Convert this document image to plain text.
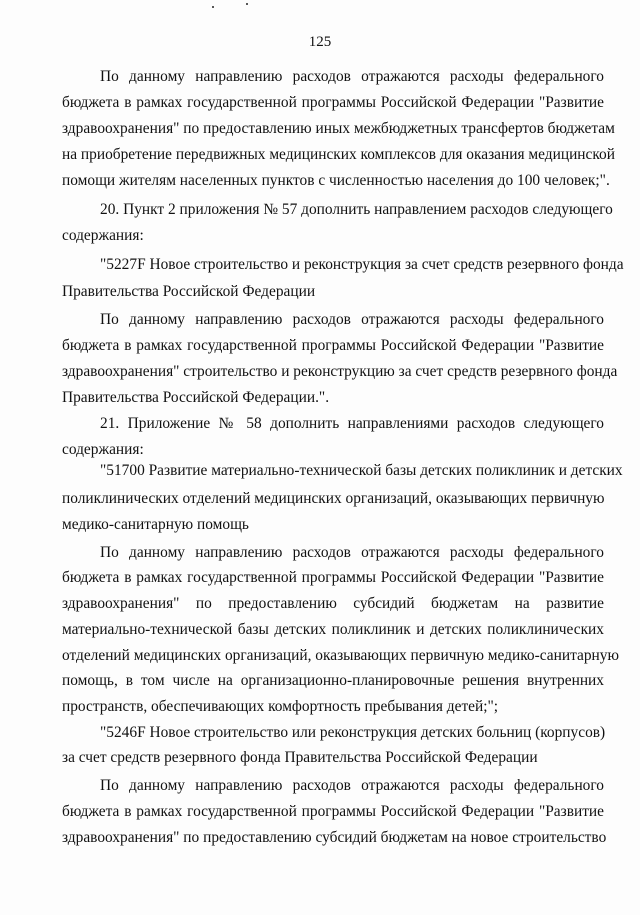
125
По данному направлению расходов отражаются расходы федерального
бюджета в рамках государственной программы Российской Федерации "Развитие
здравоохранения" по предоставлению иных межбюджетных трансфертов бюджетам
на приобретение передвижных медицинских комплексов для оказания медицинской
помощи жителям населенных пунктов с численностью населения до 100 человек;".
20. Пункт 2 приложения № 57 дополнить направлением расходов следующего
содержания:
"5227F Новое строительство и реконструкция за счет средств резервного фонда
Правительства Российской Федерации
По данному направлению расходов отражаются расходы федерального
бюджета в рамках государственной программы Российской Федерации "Развитие
здравоохранения" строительство и реконструкцию за счет средств резервного фонда
Правительства Российской Федерации.".
21. Приложение № 58 дополнить направлениями расходов следующего
содержания:
"51700 Развитие материально-технической базы детских поликлиник и детских
поликлинических отделений медицинских организаций, оказывающих первичную
медико-санитарную помощь
По данному направлению расходов отражаются расходы федерального
бюджета в рамках государственной программы Российской Федерации "Развитие
здравоохранения" по предоставлению субсидий бюджетам на развитие
материально-технической базы детских поликлиник и детских поликлинических
отделений медицинских организаций, оказывающих первичную медико-санитарную
помощь, в том числе на организационно-планировочные решения внутренних
пространств, обеспечивающих комфортность пребывания детей;";
"5246F Новое строительство или реконструкция детских больниц (корпусов)
за счет средств резервного фонда Правительства Российской Федерации
По данному направлению расходов отражаются расходы федерального
бюджета в рамках государственной программы Российской Федерации "Развитие
здравоохранения" по предоставлению субсидий бюджетам на новое строительство
